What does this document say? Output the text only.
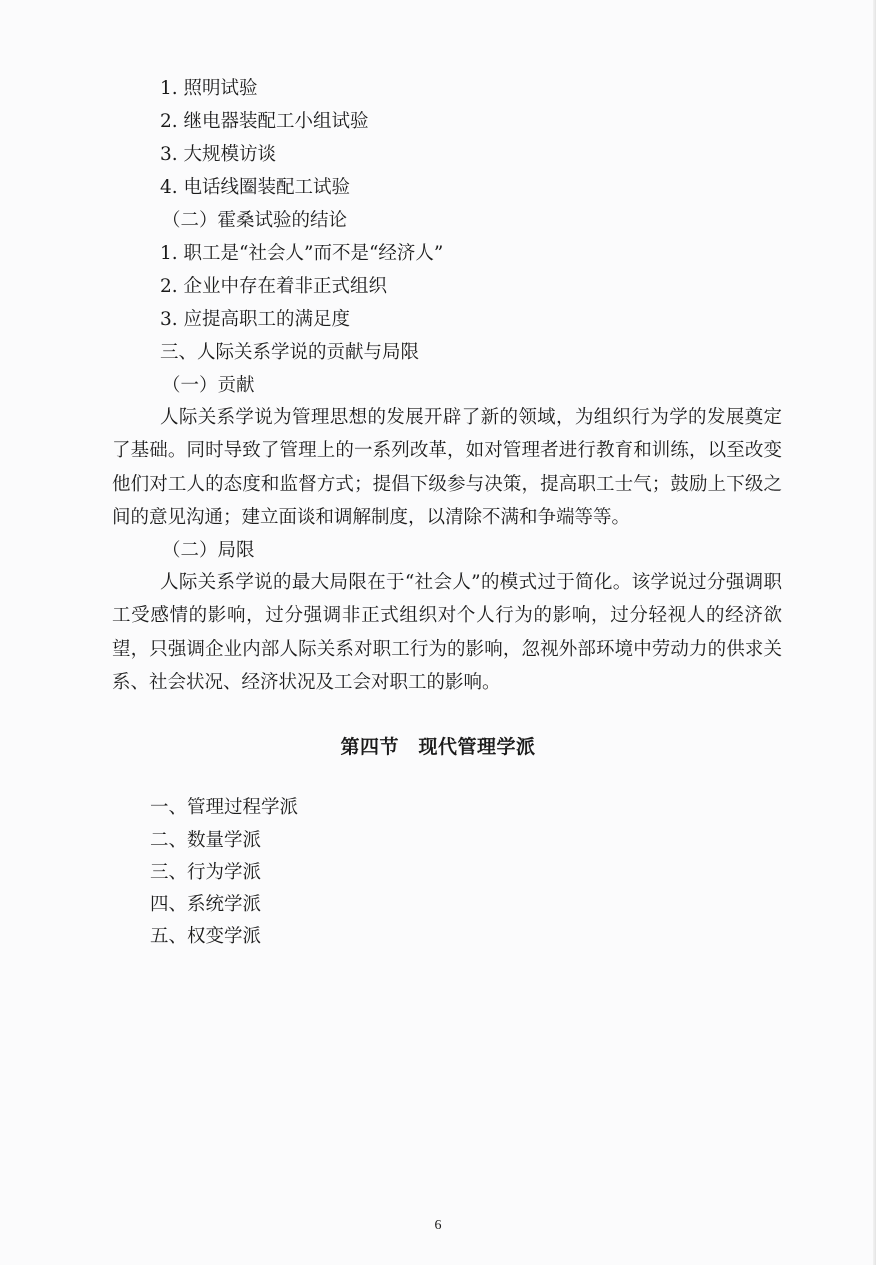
1. 照明试验
2. 继电器装配工小组试验
3. 大规模访谈
4. 电话线圈装配工试验
（二）霍桑试验的结论
1. 职工是“社会人”而不是“经济人”
2. 企业中存在着非正式组织
3. 应提高职工的满足度
三、人际关系学说的贡献与局限
（一）贡献

人际关系学说为管理思想的发展开辟了新的领域，为组织行为学的发展奠定了基础。同时导致了管理上的一系列改革，如对管理者进行教育和训练，以至改变他们对工人的态度和监督方式；提倡下级参与决策，提高职工士气；鼓励上下级之间的意见沟通；建立面谈和调解制度，以清除不满和争端等等。

（二）局限

人际关系学说的最大局限在于“社会人”的模式过于简化。该学说过分强调职工受感情的影响，过分强调非正式组织对个人行为的影响，过分轻视人的经济欲望，只强调企业内部人际关系对职工行为的影响，忽视外部环境中劳动力的供求关系、社会状况、经济状况及工会对职工的影响。

第四节　现代管理学派
一、管理过程学派
二、数量学派
三、行为学派
四、系统学派
五、权变学派
6
